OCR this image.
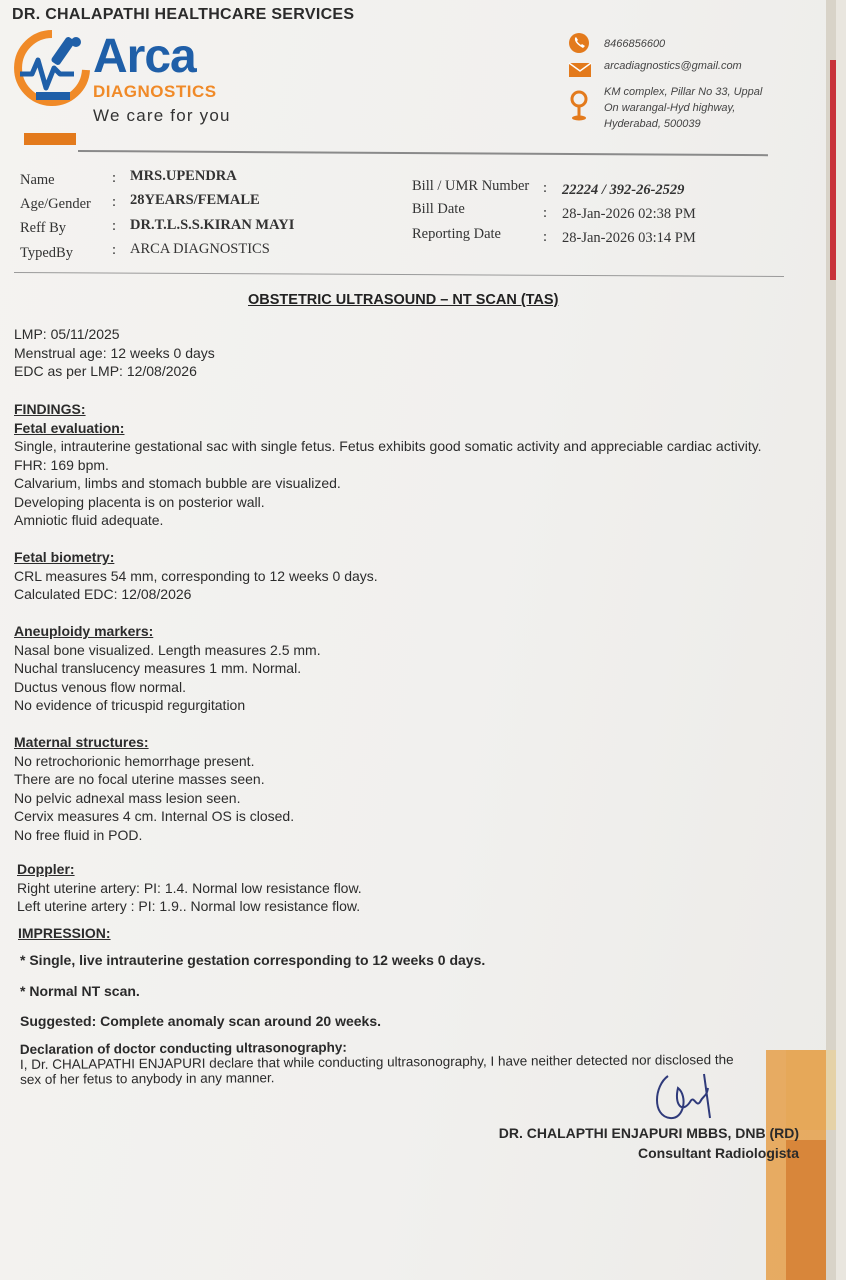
DR. CHALAPATHI HEALTHCARE SERVICES
Arca
DIAGNOSTICS
We care for you
8466856600
arcadiagnostics@gmail.com
KM complex, Pillar No 33, Uppal
On warangal-Hyd highway,
Hyderabad, 500039
Name	: MRS.UPENDRA
Age/Gender : 28YEARS/FEMALE
Reff By	: DR.T.L.S.S.KIRAN MAYI
TypedBy	: ARCA DIAGNOSTICS
Bill / UMR Number : 22224 / 392-26-2529
Bill Date	: 28-Jan-2026 02:38 PM
Reporting Date	: 28-Jan-2026 03:14 PM
OBSTETRIC ULTRASOUND – NT SCAN (TAS)
LMP: 05/11/2025
Menstrual age: 12 weeks 0 days
EDC as per LMP: 12/08/2026
FINDINGS:
Fetal evaluation:
Single, intrauterine gestational sac with single fetus. Fetus exhibits good somatic activity and appreciable cardiac activity.
FHR: 169 bpm.
Calvarium, limbs and stomach bubble are visualized.
Developing placenta is on posterior wall.
Amniotic fluid adequate.
Fetal biometry:
CRL measures 54 mm, corresponding to 12 weeks 0 days.
Calculated EDC: 12/08/2026
Aneuploidy markers:
Nasal bone visualized. Length measures 2.5 mm.
Nuchal translucency measures 1 mm. Normal.
Ductus venous flow normal.
No evidence of tricuspid regurgitation
Maternal structures:
No retrochorionic hemorrhage present.
There are no focal uterine masses seen.
No pelvic adnexal mass lesion seen.
Cervix measures 4 cm. Internal OS is closed.
No free fluid in POD.
Doppler:
Right uterine artery: PI: 1.4. Normal low resistance flow.
Left uterine artery : PI: 1.9.. Normal low resistance flow.
IMPRESSION:
* Single, live intrauterine gestation corresponding to 12 weeks 0 days.
* Normal NT scan.
Suggested: Complete anomaly scan around 20 weeks.
Declaration of doctor conducting ultrasonography:
I, Dr. CHALAPATHI ENJAPURI declare that while conducting ultrasonography, I have neither detected nor disclosed the
sex of her fetus to anybody in any manner.
DR. CHALAPTHI ENJAPURI MBBS, DNB (RD)
Consultant Radiologista
